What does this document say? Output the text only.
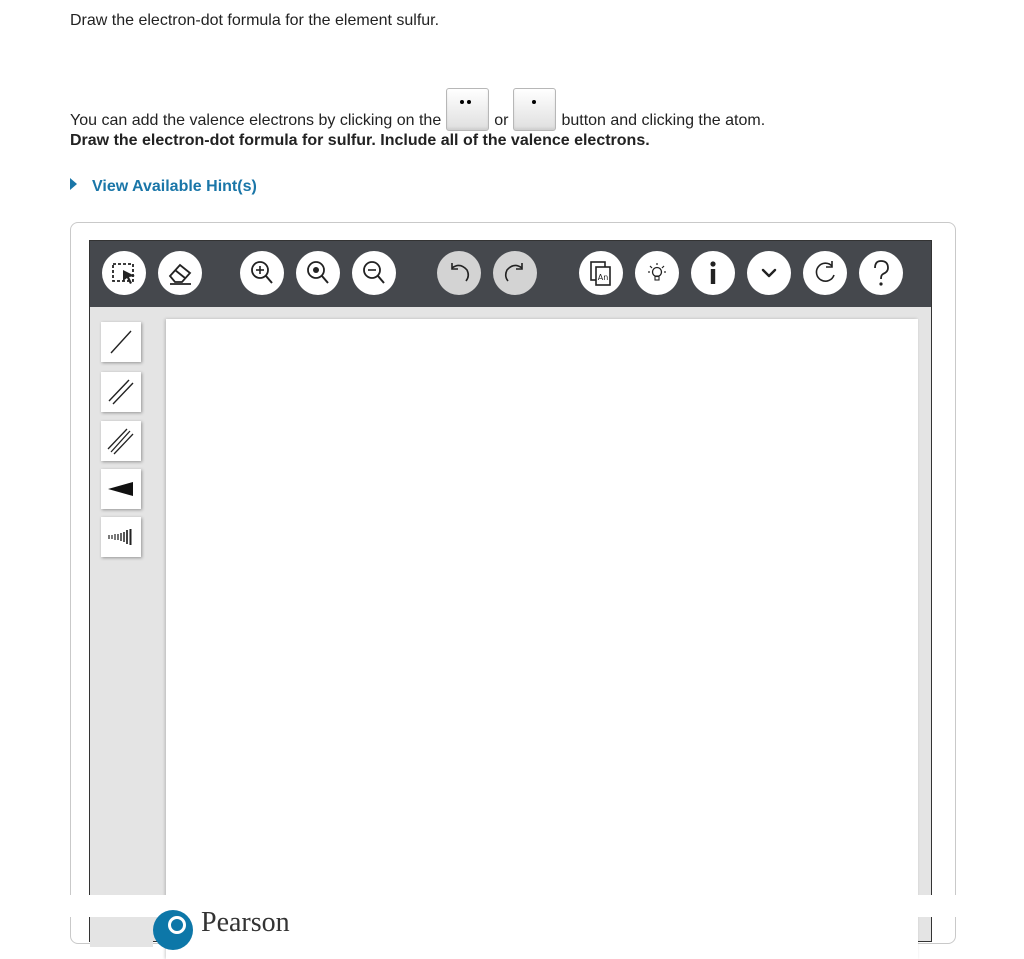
Draw the electron-dot formula for the element sulfur.

You can add the valence electrons by clicking on the	or	button and clicking the atom.

Draw the electron-dot formula for sulfur. Include all of the valence electrons.

View Available Hint(s)
An
Pearson
